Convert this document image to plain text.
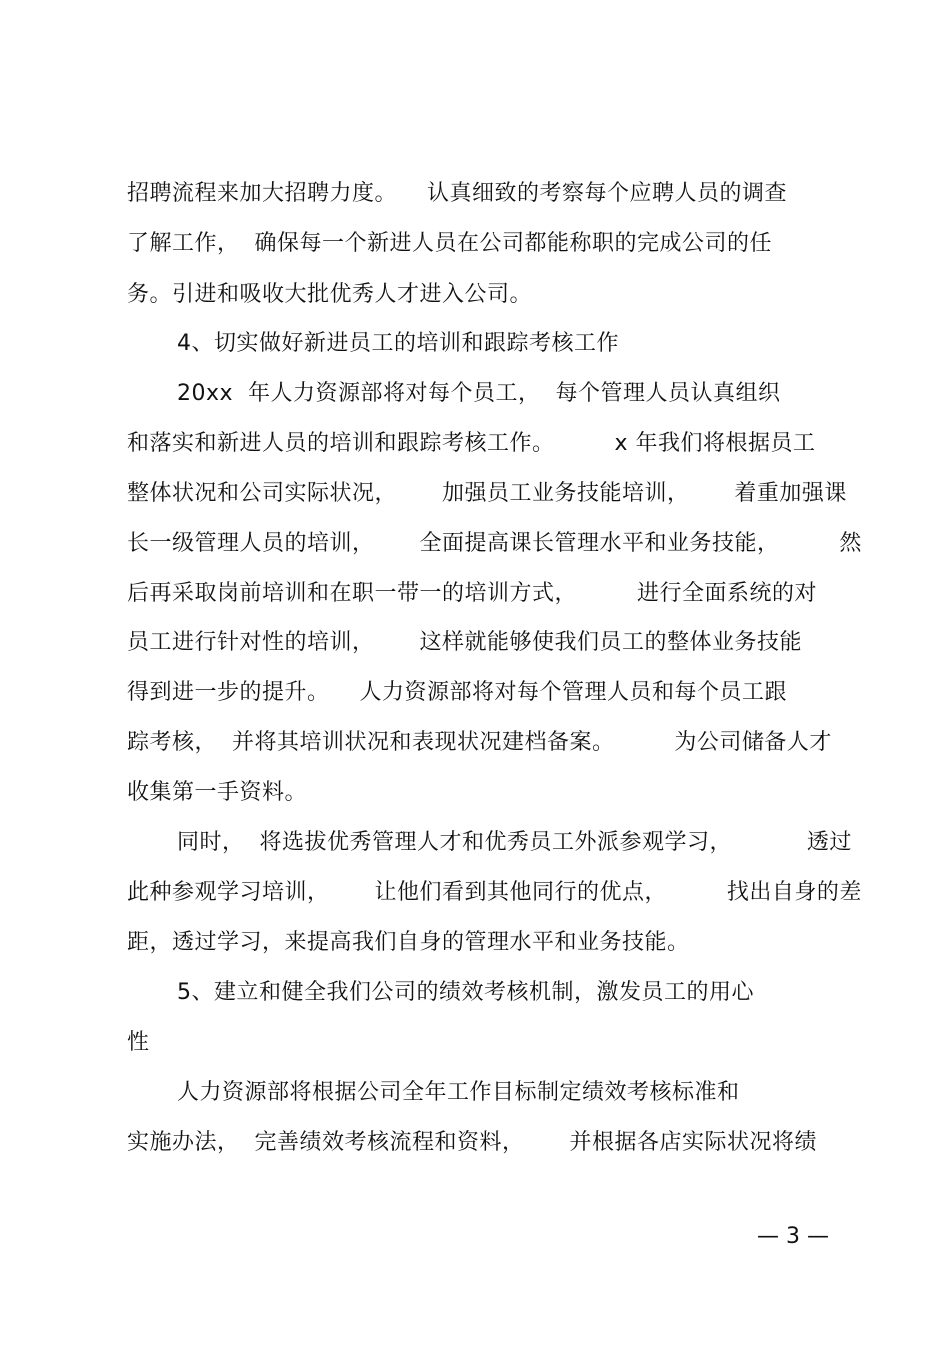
招聘流程来加大招聘力度。    认真细致的考察每个应聘人员的调查
了解工作，  确保每一个新进人员在公司都能称职的完成公司的任
务。引进和吸收大批优秀人才进入公司。
4、切实做好新进员工的培训和跟踪考核工作
20xx  年人力资源部将对每个员工，  每个管理人员认真组织
和落实和新进人员的培训和跟踪考核工作。        x 年我们将根据员工
整体状况和公司实际状况，      加强员工业务技能培训，      着重加强课
长一级管理人员的培训，      全面提高课长管理水平和业务技能，        然
后再采取岗前培训和在职一带一的培训方式，        进行全面系统的对
员工进行针对性的培训，      这样就能够使我们员工的整体业务技能
得到进一步的提升。    人力资源部将对每个管理人员和每个员工跟
踪考核，  并将其培训状况和表现状况建档备案。        为公司储备人才
收集第一手资料。
同时，  将选拔优秀管理人才和优秀员工外派参观学习，          透过
此种参观学习培训，      让他们看到其他同行的优点，        找出自身的差
距，透过学习，来提高我们自身的管理水平和业务技能。
5、建立和健全我们公司的绩效考核机制，激发员工的用心
性
人力资源部将根据公司全年工作目标制定绩效考核标准和
实施办法，  完善绩效考核流程和资料，      并根据各店实际状况将绩
— 3 —
